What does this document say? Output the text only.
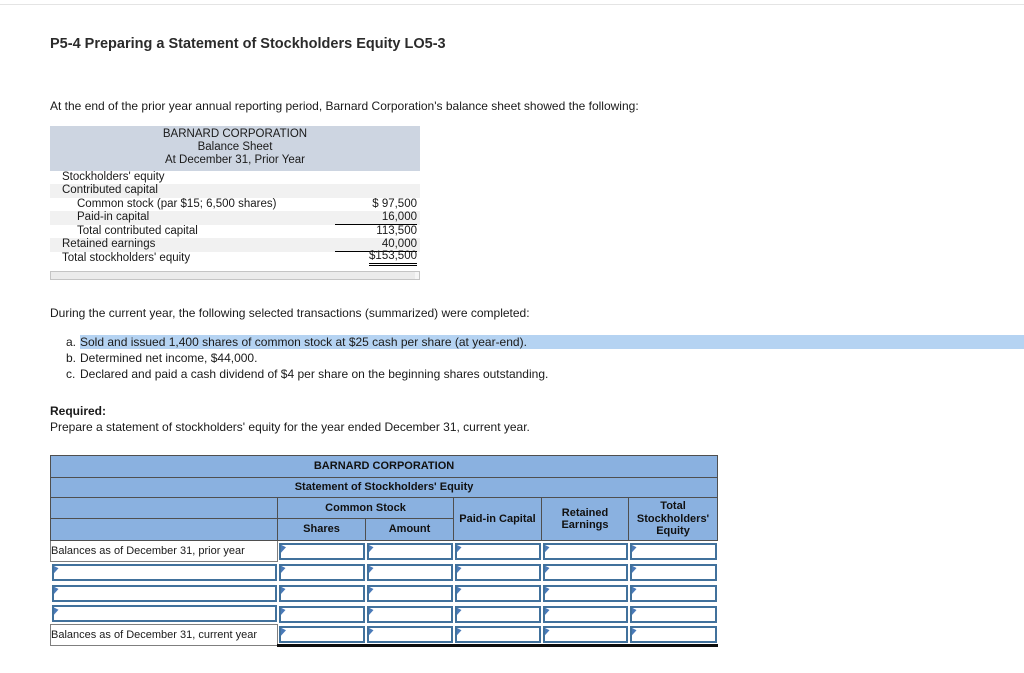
P5-4 Preparing a Statement of Stockholders Equity LO5-3
At the end of the prior year annual reporting period, Barnard Corporation's balance sheet showed the following:
BARNARD CORPORATION
Balance Sheet
At December 31, Prior Year
Stockholders' equity
Contributed capital
Common stock (par $15; 6,500 shares)	$ 97,500
Paid-in capital	16,000
Total contributed capital	113,500
Retained earnings	40,000
Total stockholders' equity	$153,500
During the current year, the following selected transactions (summarized) were completed:
a. Sold and issued 1,400 shares of common stock at $25 cash per share (at year-end).
b. Determined net income, $44,000.
c. Declared and paid a cash dividend of $4 per share on the beginning shares outstanding.
Required:
Prepare a statement of stockholders' equity for the year ended December 31, current year.
BARNARD CORPORATION					
Statement of Stockholders' Equity					
	Common Stock		Paid-in Capital	Retained Earnings	Total Stockholders' Equity
	Shares	Amount			
Balances as of December 31, prior year	

Balances as of December 31, current year	
